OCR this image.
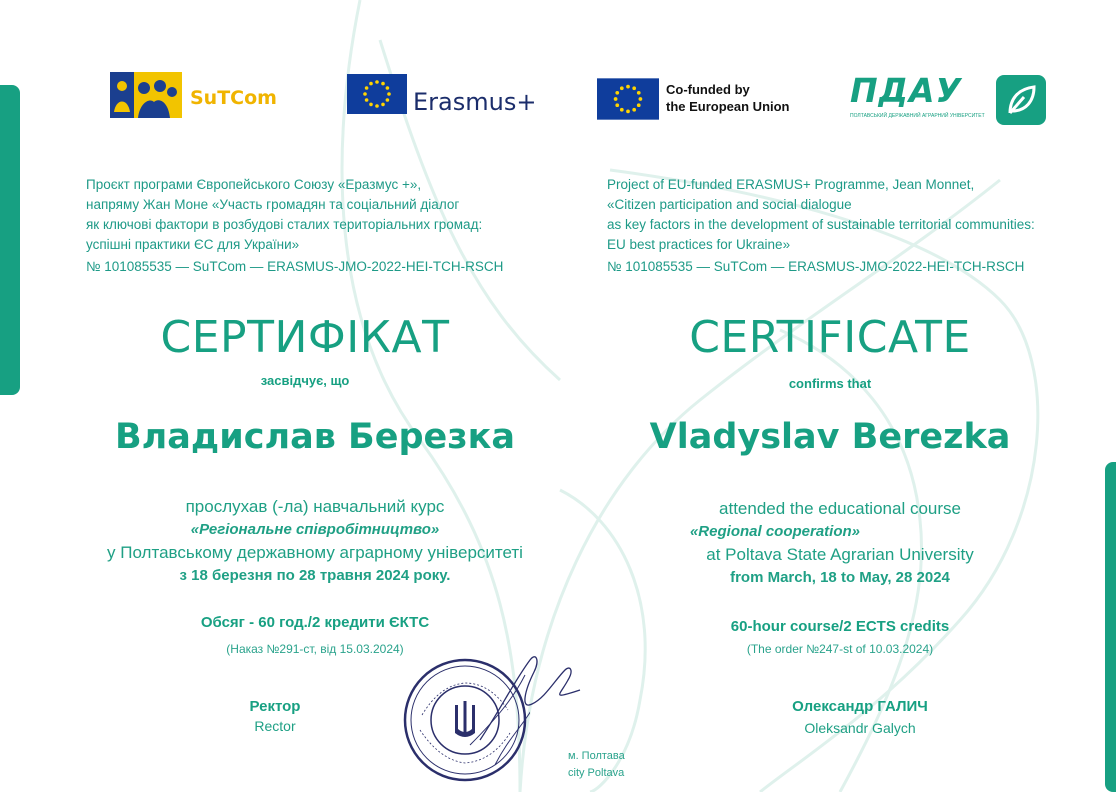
SuTCom	Erasmus+	Co-funded by
the European Union ПДАУ
ПОЛТАВСЬКИЙ ДЕРЖАВНИЙ АГРАРНИЙ УНІВЕРСИТЕТ
Проєкт програми Європейського Союзу «Еразмус +»,
напряму Жан Моне «Участь громадян та соціальний діалог
як ключові фактори в розбудові сталих територіальних громад:
успішні практики ЄС для України»
№ 101085535 — SuTCom — ERASMUS-JMO-2022-HEI-TCH-RSCH
Project of EU-funded ERASMUS+ Programme, Jean Monnet,
«Citizen participation and social dialogue
as key factors in the development of sustainable territorial communities:
EU best practices for Ukraine»
№ 101085535 — SuTCom — ERASMUS-JMO-2022-HEI-TCH-RSCH
СЕРТИФІКАТ
засвідчує, що
Владислав Березка
прослухав (-ла) навчальний курс
«Регіональне співробітництво»
у Полтавському державному аграрному університеті
з 18 березня по 28 травня 2024 року.
Обсяг - 60 год./2 кредити ЄКТС
(Наказ №291-ст, від 15.03.2024)
Ректор
Rector
CERTIFICATE
confirms that
Vladyslav Berezka
attended the educational course
«Regional cooperation»
at Poltava State Agrarian University
from March, 18 to May, 28 2024
60-hour course/2 ECTS credits
(The order №247-st of 10.03.2024)
Олександр ГАЛИЧ
Oleksandr Galych
м. Полтава
city Poltava
